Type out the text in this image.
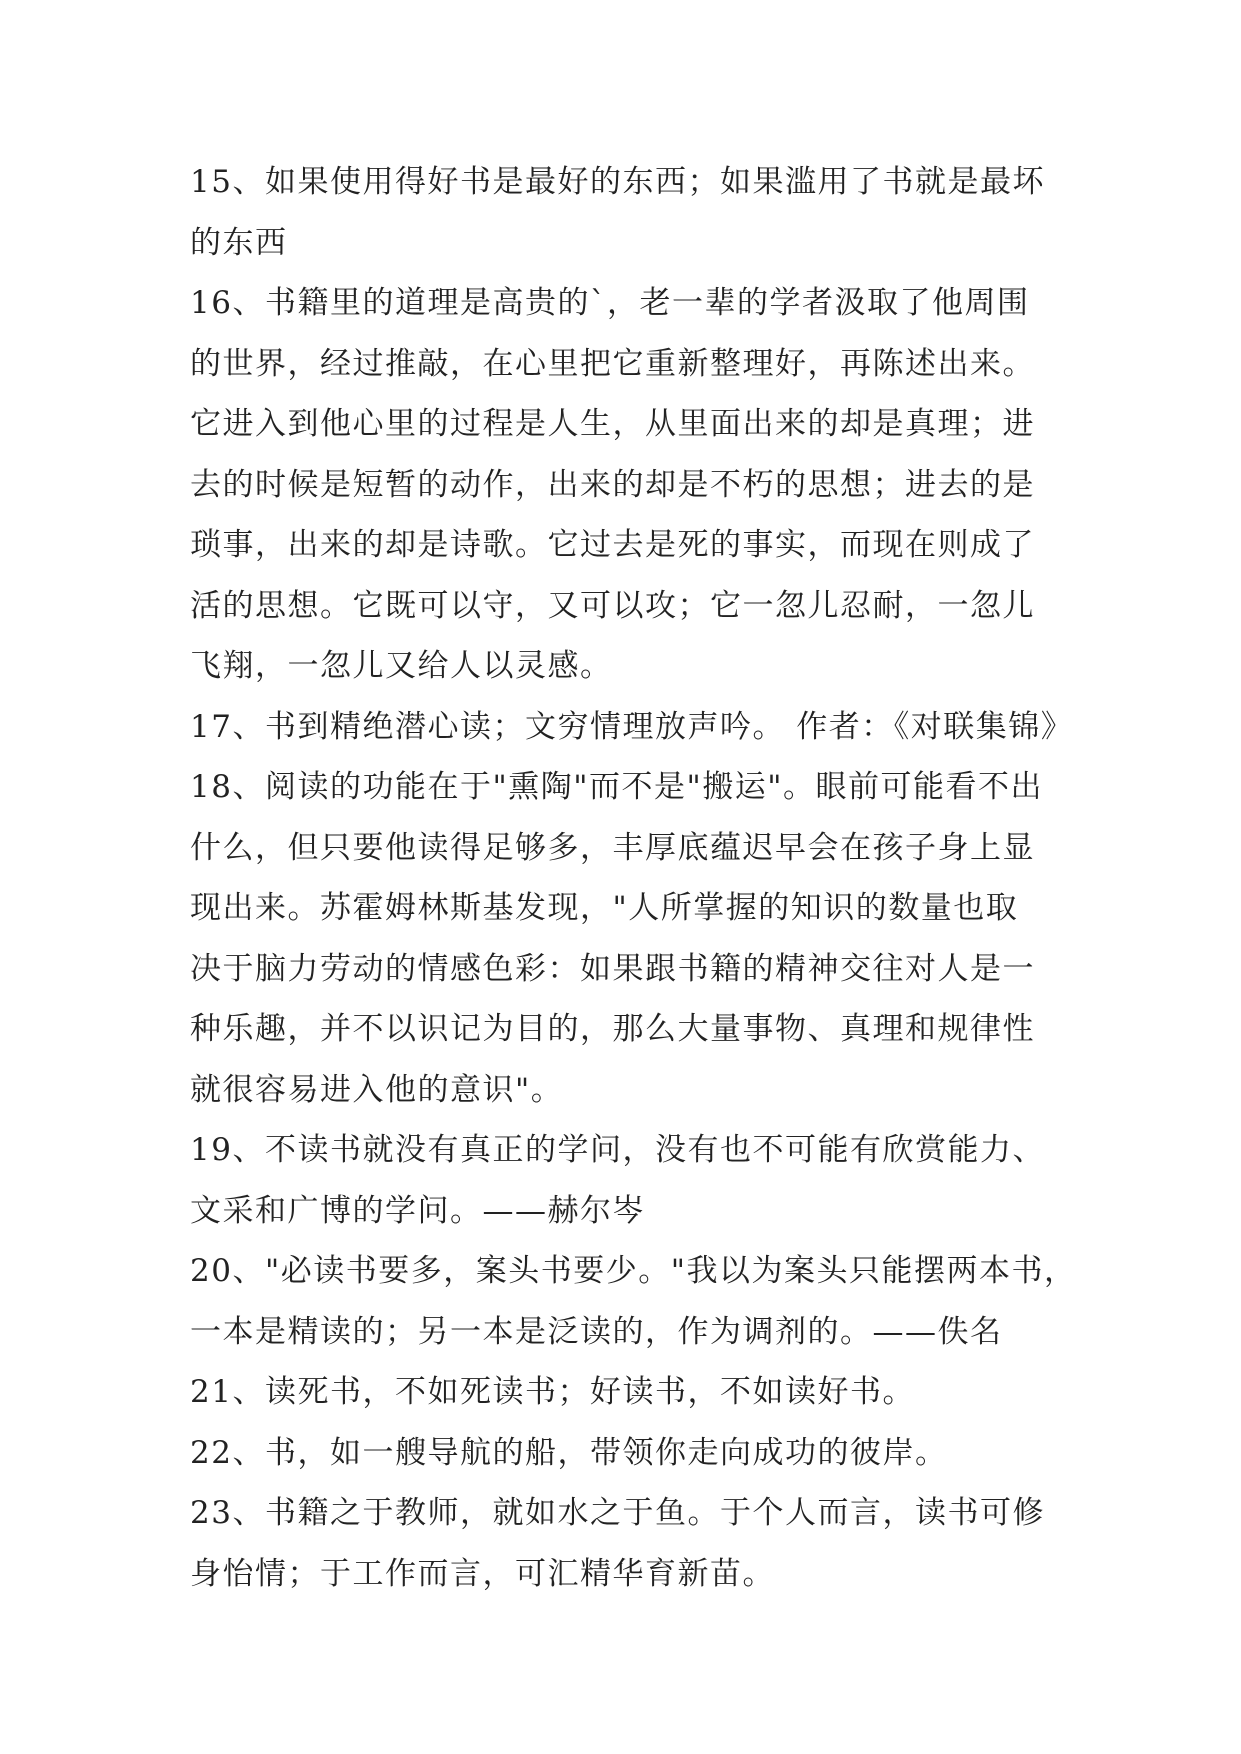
15、如果使用得好书是最好的东西；如果滥用了书就是最坏
的东西
16、书籍里的道理是高贵的`，老一辈的学者汲取了他周围
的世界，经过推敲，在心里把它重新整理好，再陈述出来。
它进入到他心里的过程是人生，从里面出来的却是真理；进
去的时候是短暂的动作，出来的却是不朽的思想；进去的是
琐事，出来的却是诗歌。它过去是死的事实，而现在则成了
活的思想。它既可以守，又可以攻；它一忽儿忍耐，一忽儿
飞翔，一忽儿又给人以灵感。
17、书到精绝潜心读；文穷情理放声吟。 作者：《对联集锦》
18、阅读的功能在于"熏陶"而不是"搬运"。眼前可能看不出
什么，但只要他读得足够多，丰厚底蕴迟早会在孩子身上显
现出来。苏霍姆林斯基发现，"人所掌握的知识的数量也取
决于脑力劳动的情感色彩：如果跟书籍的精神交往对人是一
种乐趣，并不以识记为目的，那么大量事物、真理和规律性
就很容易进入他的意识"。
19、不读书就没有真正的学问，没有也不可能有欣赏能力、
文采和广博的学问。——赫尔岑
20、"必读书要多，案头书要少。"我以为案头只能摆两本书，
一本是精读的；另一本是泛读的，作为调剂的。——佚名
21、读死书，不如死读书；好读书，不如读好书。
22、书，如一艘导航的船，带领你走向成功的彼岸。
23、书籍之于教师，就如水之于鱼。于个人而言，读书可修
身怡情；于工作而言，可汇精华育新苗。
